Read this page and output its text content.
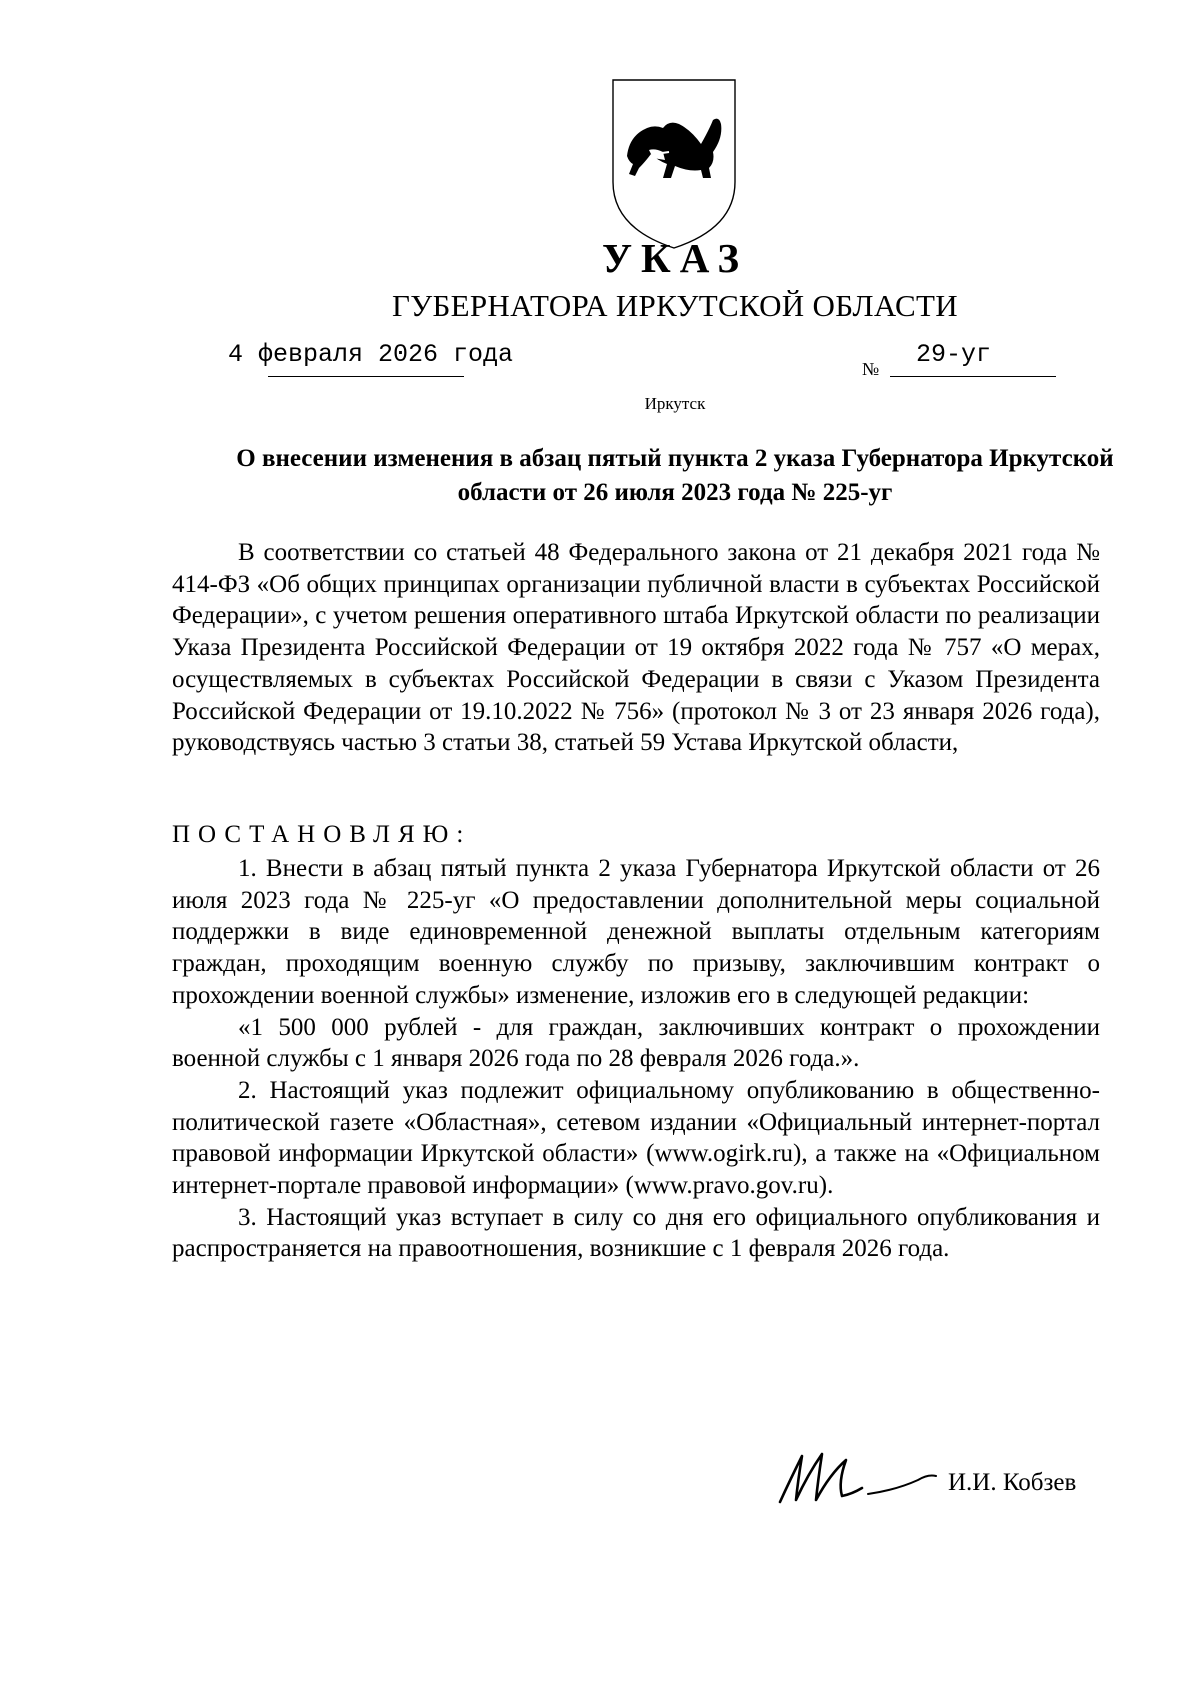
УКАЗ
ГУБЕРНАТОРА ИРКУТСКОЙ ОБЛАСТИ
4 февраля 2026 года	№ 29-уг
Иркутск
О внесении изменения в абзац пятый пункта 2 указа Губернатора Иркутской области от 26 июля 2023 года № 225-уг

В соответствии со статьей 48 Федерального закона от 21 декабря 2021 года № 414-ФЗ «Об общих принципах организации публичной власти в субъектах Российской Федерации», с учетом решения оперативного штаба Иркутской области по реализации Указа Президента Российской Федерации от 19 октября 2022 года № 757 «О мерах, осуществляемых в субъектах Российской Федерации в связи с Указом Президента Российской Федерации от 19.10.2022 № 756» (протокол № 3 от 23 января 2026 года), руководствуясь частью 3 статьи 38, статьей 59 Устава Иркутской области,

ПОСТАНОВЛЯЮ:

1. Внести в абзац пятый пункта 2 указа Губернатора Иркутской области от 26 июля 2023 года № 225-уг «О предоставлении дополнительной меры социальной поддержки в виде единовременной денежной выплаты отдельным категориям граждан, проходящим военную службу по призыву, заключившим контракт о прохождении военной службы» изменение, изложив его в следующей редакции:

«1 500 000 рублей - для граждан, заключивших контракт о прохождении военной службы с 1 января 2026 года по 28 февраля 2026 года.».

2. Настоящий указ подлежит официальному опубликованию в общественно-политической газете «Областная», сетевом издании «Официальный интернет-портал правовой информации Иркутской области» (www.ogirk.ru), а также на «Официальном интернет-портале правовой информации» (www.pravo.gov.ru).

3. Настоящий указ вступает в силу со дня его официального опубликования и распространяется на правоотношения, возникшие с 1 февраля 2026 года.

И.И. Кобзев
